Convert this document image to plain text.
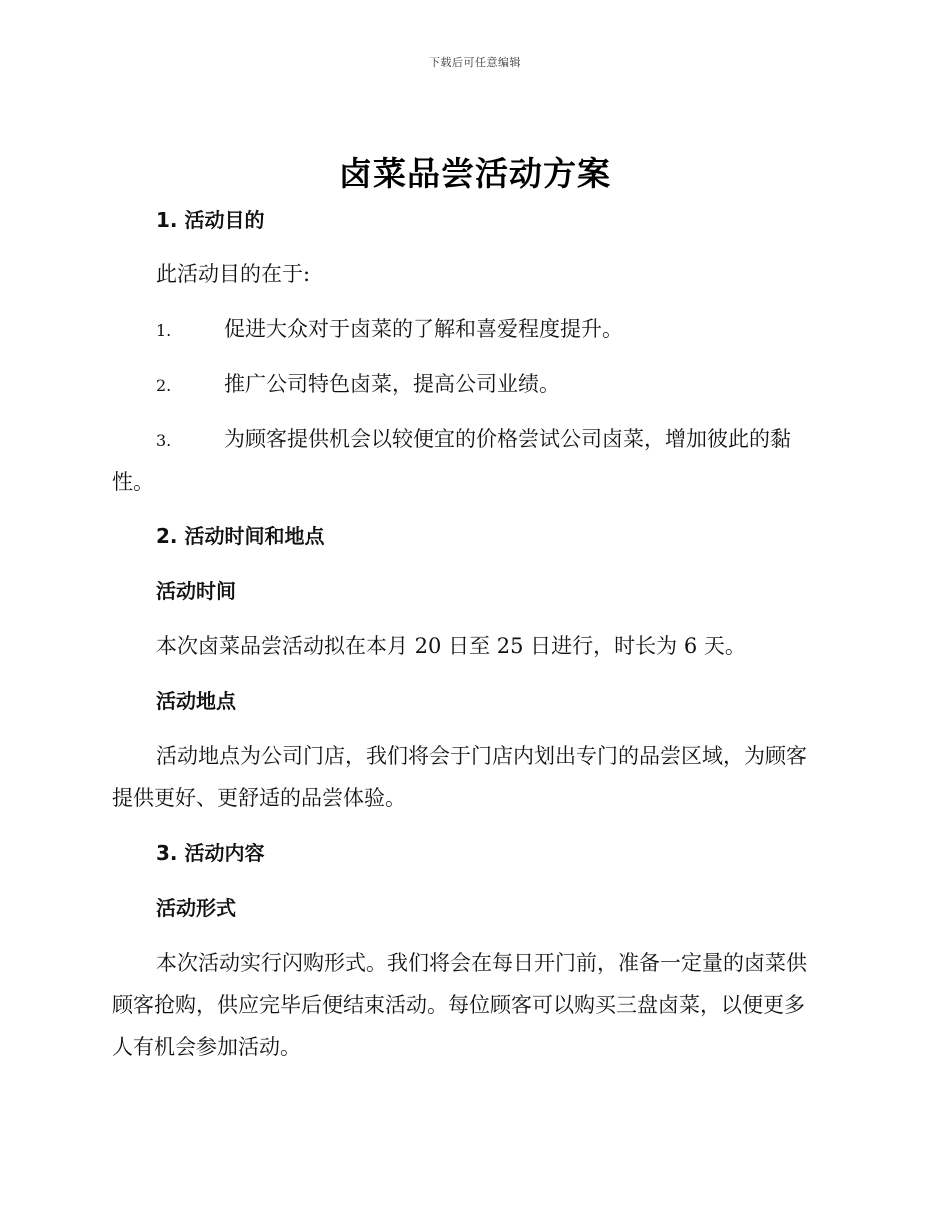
下载后可任意编辑
卤菜品尝活动方案
1. 活动目的
此活动目的在于:
1.	促进大众对于卤菜的了解和喜爱程度提升。
2.	推广公司特色卤菜，提高公司业绩。
3.	为顾客提供机会以较便宜的价格尝试公司卤菜，增加彼此的黏
性。
2. 活动时间和地点
活动时间
本次卤菜品尝活动拟在本月 20 日至 25 日进行，时长为 6 天。
活动地点
活动地点为公司门店，我们将会于门店内划出专门的品尝区域，为顾客
提供更好、更舒适的品尝体验。
3. 活动内容
活动形式
本次活动实行闪购形式。我们将会在每日开门前，准备一定量的卤菜供
顾客抢购，供应完毕后便结束活动。每位顾客可以购买三盘卤菜，以便更多
人有机会参加活动。
